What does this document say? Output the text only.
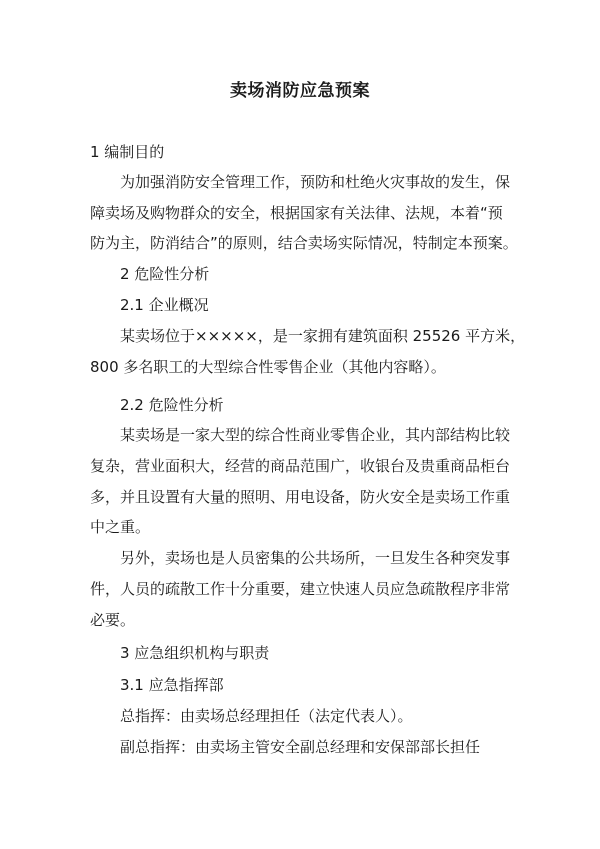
卖场消防应急预案
1 编制目的
为加强消防安全管理工作，预防和杜绝火灾事故的发生，保
障卖场及购物群众的安全，根据国家有关法律、法规，本着“预
防为主，防消结合”的原则，结合卖场实际情况，特制定本预案。
2 危险性分析
2.1 企业概况
某卖场位于×××××，是一家拥有建筑面积 25526 平方米，
800 多名职工的大型综合性零售企业（其他内容略）。
2.2 危险性分析
某卖场是一家大型的综合性商业零售企业，其内部结构比较
复杂，营业面积大，经营的商品范围广，收银台及贵重商品柜台
多，并且设置有大量的照明、用电设备，防火安全是卖场工作重
中之重。
另外，卖场也是人员密集的公共场所，一旦发生各种突发事
件，人员的疏散工作十分重要，建立快速人员应急疏散程序非常
必要。
3 应急组织机构与职责
3.1 应急指挥部
总指挥：由卖场总经理担任（法定代表人）。
副总指挥：由卖场主管安全副总经理和安保部部长担任
